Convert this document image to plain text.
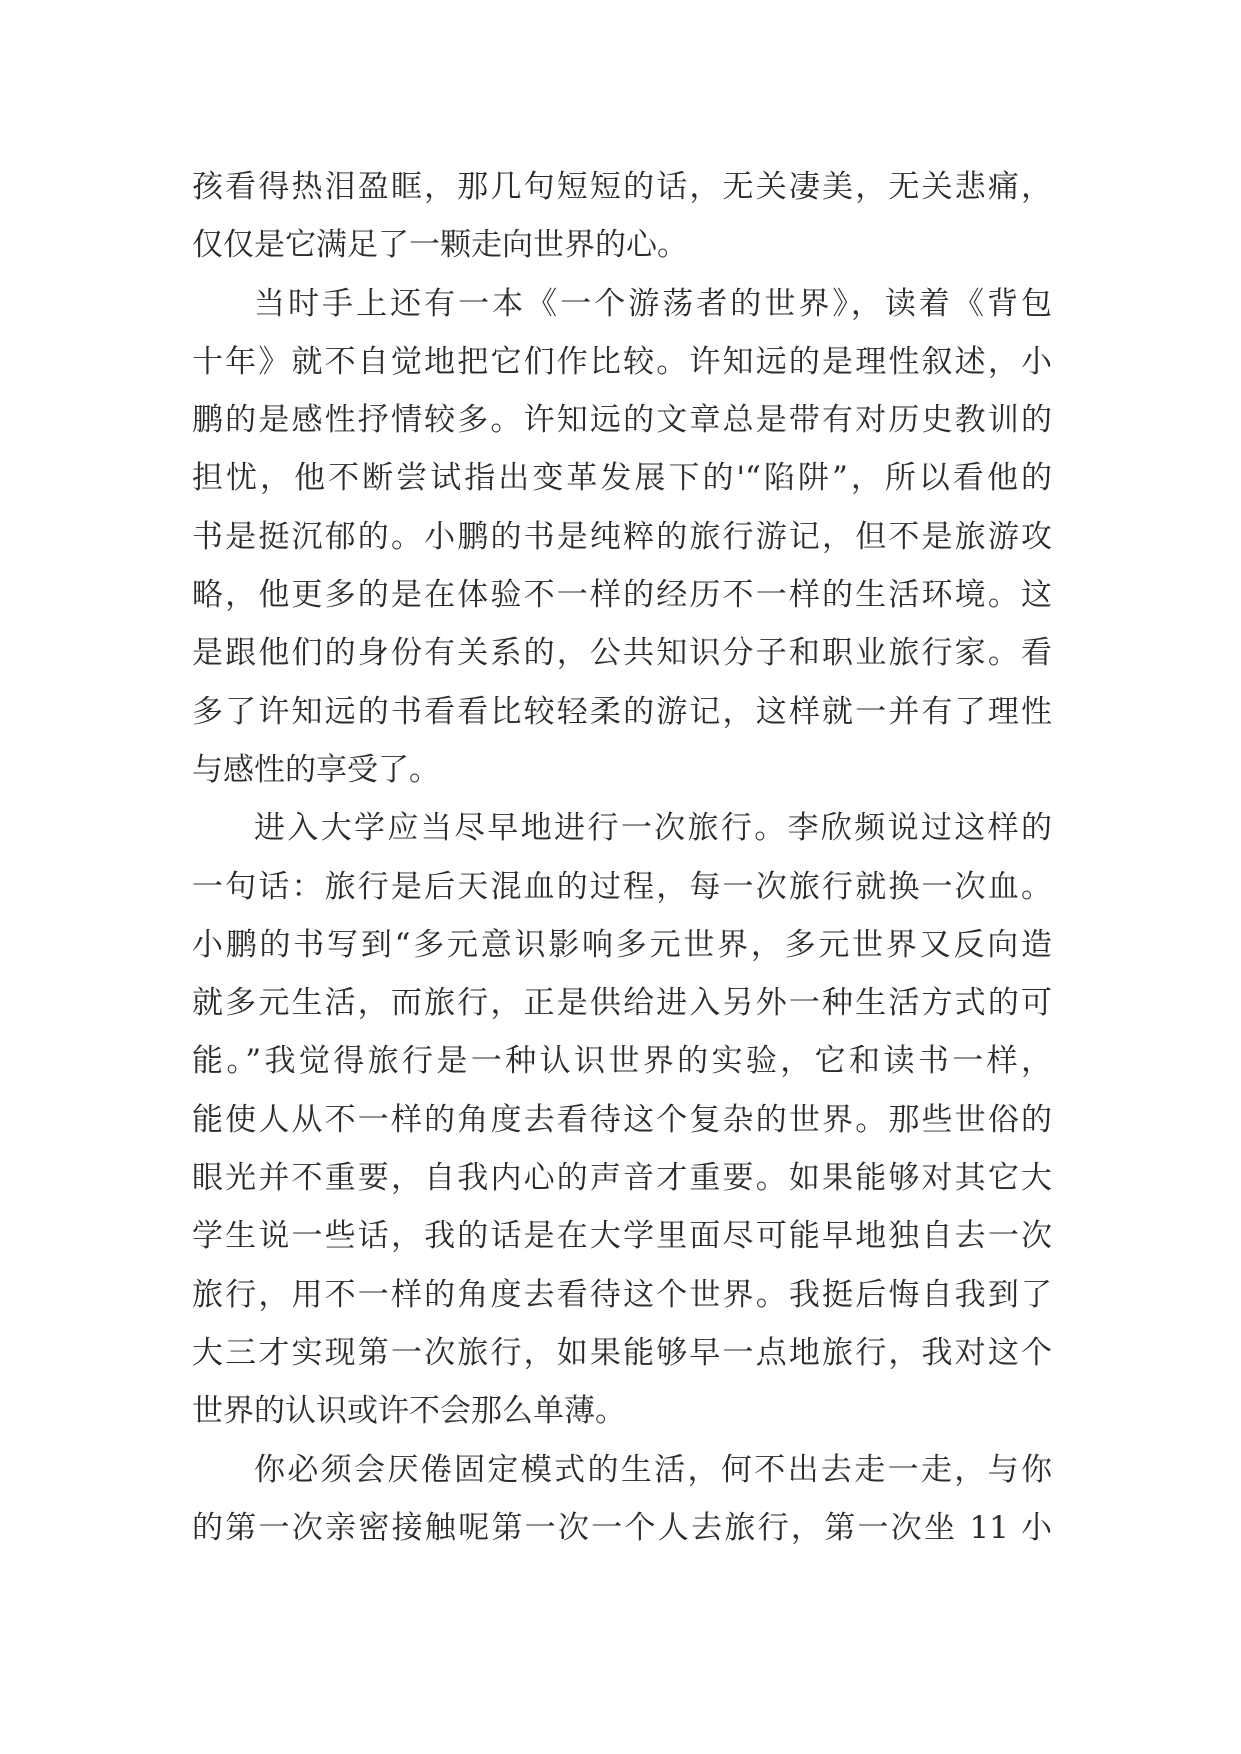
孩看得热泪盈眶，那几句短短的话，无关凄美，无关悲痛，
仅仅是它满足了一颗走向世界的心。
当时手上还有一本《一个游荡者的世界》，读着《背包
十年》就不自觉地把它们作比较。许知远的是理性叙述，小
鹏的是感性抒情较多。许知远的文章总是带有对历史教训的
担忧，他不断尝试指出变革发展下的'“陷阱”，所以看他的
书是挺沉郁的。小鹏的书是纯粹的旅行游记，但不是旅游攻
略，他更多的是在体验不一样的经历不一样的生活环境。这
是跟他们的身份有关系的，公共知识分子和职业旅行家。看
多了许知远的书看看比较轻柔的游记，这样就一并有了理性
与感性的享受了。
进入大学应当尽早地进行一次旅行。李欣频说过这样的
一句话：旅行是后天混血的过程，每一次旅行就换一次血。
小鹏的书写到“多元意识影响多元世界，多元世界又反向造
就多元生活，而旅行，正是供给进入另外一种生活方式的可
能。”我觉得旅行是一种认识世界的实验，它和读书一样，
能使人从不一样的角度去看待这个复杂的世界。那些世俗的
眼光并不重要，自我内心的声音才重要。如果能够对其它大
学生说一些话，我的话是在大学里面尽可能早地独自去一次
旅行，用不一样的角度去看待这个世界。我挺后悔自我到了
大三才实现第一次旅行，如果能够早一点地旅行，我对这个
世界的认识或许不会那么单薄。
你必须会厌倦固定模式的生活，何不出去走一走，与你
的第一次亲密接触呢第一次一个人去旅行，第一次坐 11 小
